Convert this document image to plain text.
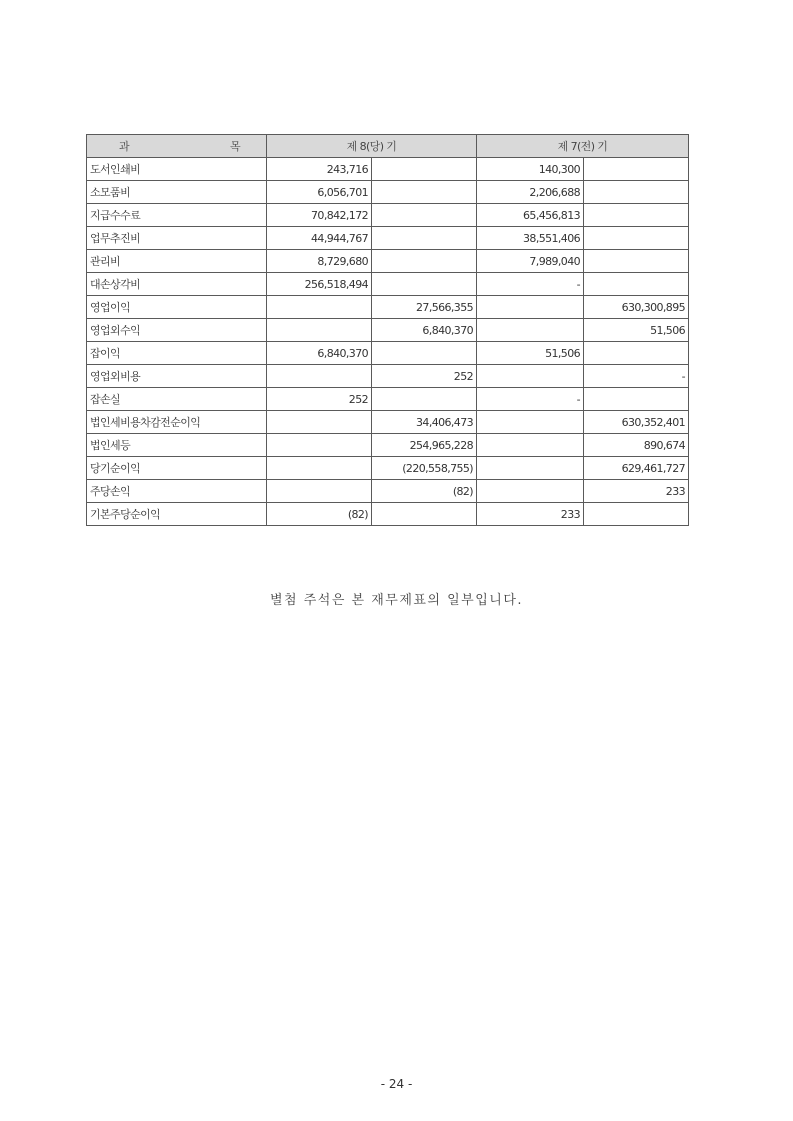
과 목	제 8(당) 기		제 7(전) 기	
도서인쇄비	243,716		140,300	
소모품비	6,056,701		2,206,688	
지급수수료	70,842,172		65,456,813	
업무추진비	44,944,767		38,551,406	
관리비	8,729,680		7,989,040	
대손상각비	256,518,494		-	
영업이익		27,566,355		630,300,895
영업외수익		6,840,370		51,506
잡이익	6,840,370		51,506	
영업외비용		252		-
잡손실	252		-	
법인세비용차감전순이익		34,406,473		630,352,401
법인세등		254,965,228		890,674
당기순이익		(220,558,755)		629,461,727
주당손익		(82)		233
기본주당순이익	(82)		233	
별첨 주석은 본 재무제표의 일부입니다.
- 24 -
